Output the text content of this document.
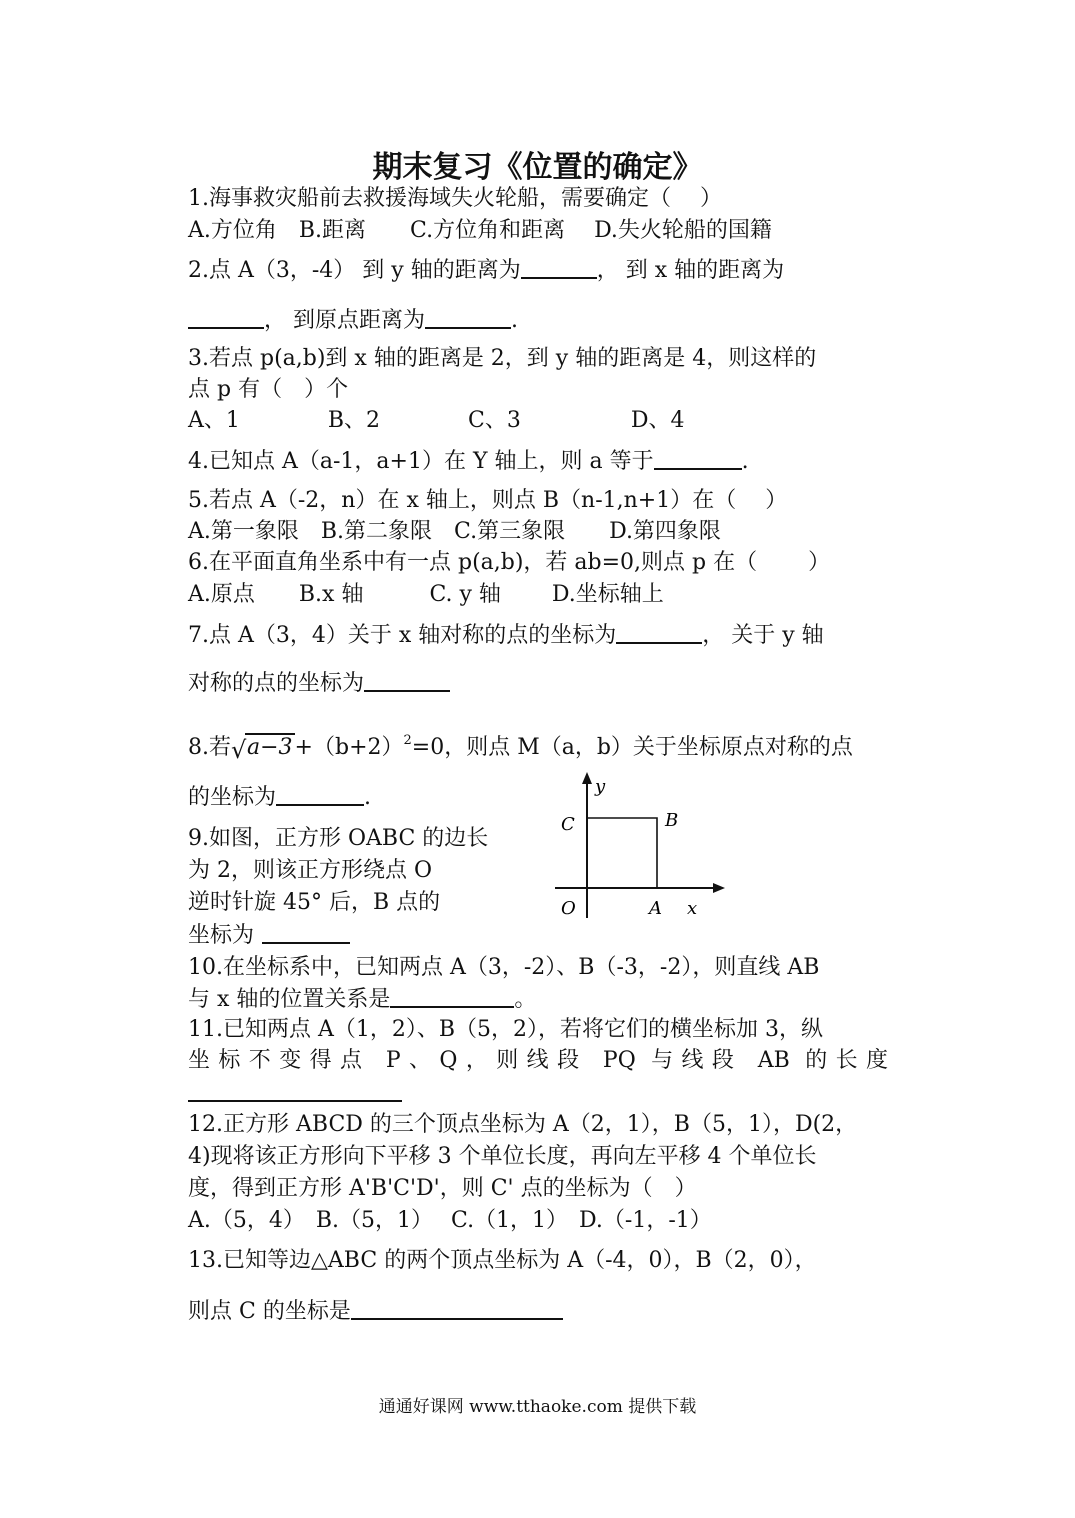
期末复习《位置的确定》
1.海事救灾船前去救援海域失火轮船，需要确定（　 ）
A.方位角　B.距离　　C.方位角和距离　 D.失火轮船的国籍
2.点 A（3，-4） 到 y 轴的距离为	， 到 x 轴的距离为
， 到原点距离为	.
3.若点 p(a,b)到 x 轴的距离是 2，到 y 轴的距离是 4，则这样的
点 p 有（　）个
A、1　　　　B、2　　　　C、3　　　　　D、4
4.已知点 A（a-1，a+1）在 Y 轴上，则 a 等于	.
5.若点 A（-2，n）在 x 轴上，则点 B（n-1,n+1）在（　 ）
A.第一象限　B.第二象限　C.第三象限　　D.第四象限
6.在平面直角坐系中有一点 p(a,b)，若 ab=0,则点 p 在（　　 ）
A.原点　　B.x 轴　　　C. y 轴　　 D.坐标轴上
7.点 A（3，4）关于 x 轴对称的点的坐标为	， 关于 y 轴
对称的点的坐标为
8.若 √ $a-3+(b+2)^2=0$，则点 M（a，b）关于坐标原点对称的点
的坐标为	.
9.如图，正方形 OABC 的边长
为 2，则该正方形绕点 O
逆时针旋 45° 后，B 点的
坐标为
y
x
O	A
B
C
10.在坐标系中，已知两点 A（3，-2）、B（-3，-2），则直线 AB
与 x 轴的位置关系是	。
11.已知两点 A（1，2）、B（5，2），若将它们的横坐标加 3，纵
坐标不变得点 P、Q，则线段 PQ 与线段 AB 的长度
12.正方形 ABCD 的三个顶点坐标为 A（2，1），B（5，1），D(2，
4)现将该正方形向下平移 3 个单位长度，再向左平移 4 个单位长
度，得到正方形 A'B'C'D'，则 C' 点的坐标为（　）
A.（5，4）　B.（5，1）　 C.（1，1）　D.（-1，-1）
13.已知等边△ABC 的两个顶点坐标为 A（-4，0），B（2，0），
则点 C 的坐标是
通通好课网 www.tthaoke.com 提供下载
